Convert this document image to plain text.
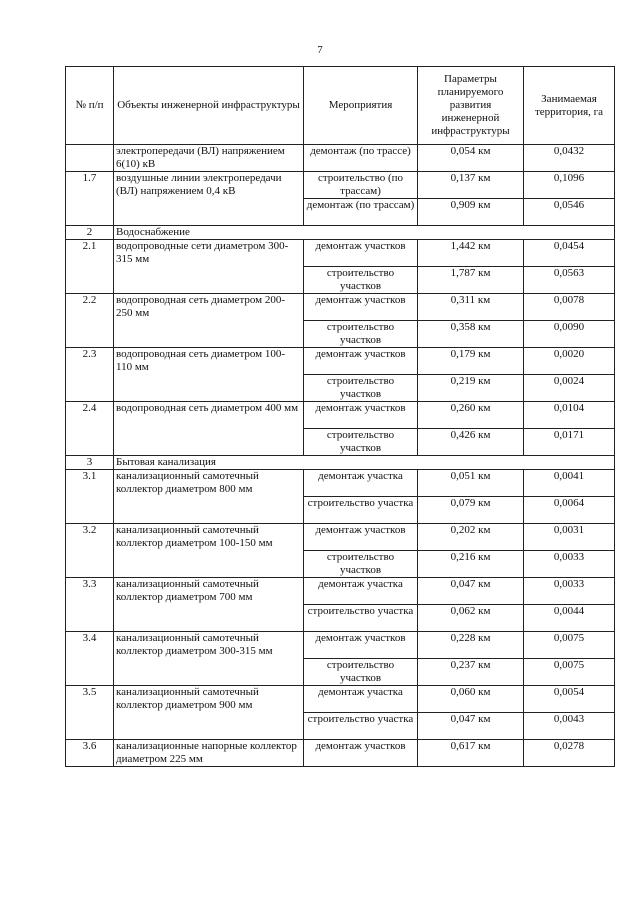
7
№ п/п	Объекты инженерной инфраструктуры	Мероприятия	Параметры планируемого развития инженерной инфраструктуры	Занимаемая территория, га
	электропередачи (ВЛ) напряжением 6(10) кВ	демонтаж (по трассе)	0,054 км	0,0432
1.7	воздушные линии электропередачи (ВЛ) напряжением 0,4 кВ	строительство (по трассам)	0,137 км	0,1096
		демонтаж (по трассам)	0,909 км	0,0546
2	Водоснабжение			
2.1	водопроводные сети диаметром 300-315 мм	демонтаж участков	1,442 км	0,0454
		строительство участков	1,787 км	0,0563
2.2	водопроводная сеть диаметром 200-250 мм	демонтаж участков	0,311 км	0,0078
		строительство участков	0,358 км	0,0090
2.3	водопроводная сеть диаметром 100-110 мм	демонтаж участков	0,179 км	0,0020
		строительство участков	0,219 км	0,0024
2.4	водопроводная сеть диаметром 400 мм	демонтаж участков	0,260 км	0,0104
		строительство участков	0,426 км	0,0171
3	Бытовая канализация			
3.1	канализационный самотечный коллектор диаметром 800 мм	демонтаж участка	0,051 км	0,0041
		строительство участка	0,079 км	0,0064
3.2	канализационный самотечный коллектор диаметром 100-150 мм	демонтаж участков	0,202 км	0,0031
		строительство участков	0,216 км	0,0033
3.3	канализационный самотечный коллектор диаметром 700 мм	демонтаж участка	0,047 км	0,0033
		строительство участка	0,062 км	0,0044
3.4	канализационный самотечный коллектор диаметром 300-315 мм	демонтаж участков	0,228 км	0,0075
		строительство участков	0,237 км	0,0075
3.5	канализационный самотечный коллектор диаметром 900 мм	демонтаж участка	0,060 км	0,0054
		строительство участка	0,047 км	0,0043
3.6	канализационные напорные коллектор диаметром 225 мм	демонтаж участков	0,617 км	0,0278
